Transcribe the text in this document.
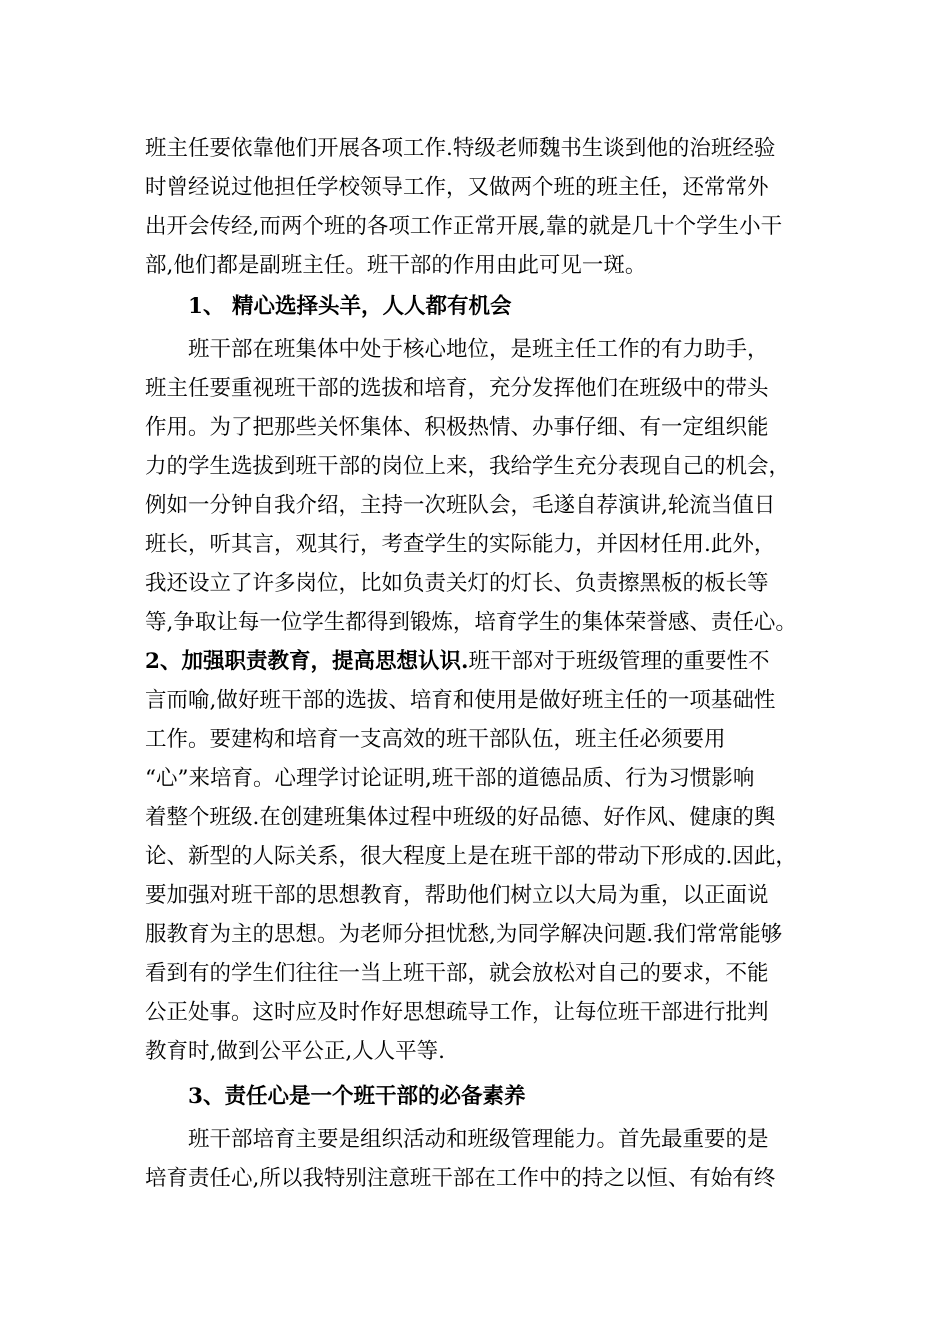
班主任要依靠他们开展各项工作.特级老师魏书生谈到他的治班经验

时曾经说过他担任学校领导工作，又做两个班的班主任，还常常外

出开会传经,而两个班的各项工作正常开展,靠的就是几十个学生小干

部,他们都是副班主任。班干部的作用由此可见一斑。

1、 精心选择头羊，人人都有机会

班干部在班集体中处于核心地位，是班主任工作的有力助手，

班主任要重视班干部的选拔和培育，充分发挥他们在班级中的带头

作用。为了把那些关怀集体、积极热情、办事仔细、有一定组织能

力的学生选拔到班干部的岗位上来，我给学生充分表现自己的机会，

例如一分钟自我介绍，主持一次班队会，毛遂自荐演讲,轮流当值日

班长，听其言，观其行，考查学生的实际能力，并因材任用.此外，

我还设立了许多岗位，比如负责关灯的灯长、负责擦黑板的板长等

等,争取让每一位学生都得到锻炼，培育学生的集体荣誉感、责任心。

2、加强职责教育，提高思想认识.班干部对于班级管理的重要性不

言而喻,做好班干部的选拔、培育和使用是做好班主任的一项基础性

工作。要建构和培育一支高效的班干部队伍，班主任必须要用

“心”来培育。心理学讨论证明,班干部的道德品质、行为习惯影响

着整个班级.在创建班集体过程中班级的好品德、好作风、健康的舆

论、新型的人际关系，很大程度上是在班干部的带动下形成的.因此，

要加强对班干部的思想教育，帮助他们树立以大局为重，以正面说

服教育为主的思想。为老师分担忧愁,为同学解决问题.我们常常能够

看到有的学生们往往一当上班干部，就会放松对自己的要求，不能

公正处事。这时应及时作好思想疏导工作，让每位班干部进行批判

教育时,做到公平公正,人人平等.

3、责任心是一个班干部的必备素养

班干部培育主要是组织活动和班级管理能力。首先最重要的是

培育责任心,所以我特别注意班干部在工作中的持之以恒、有始有终
